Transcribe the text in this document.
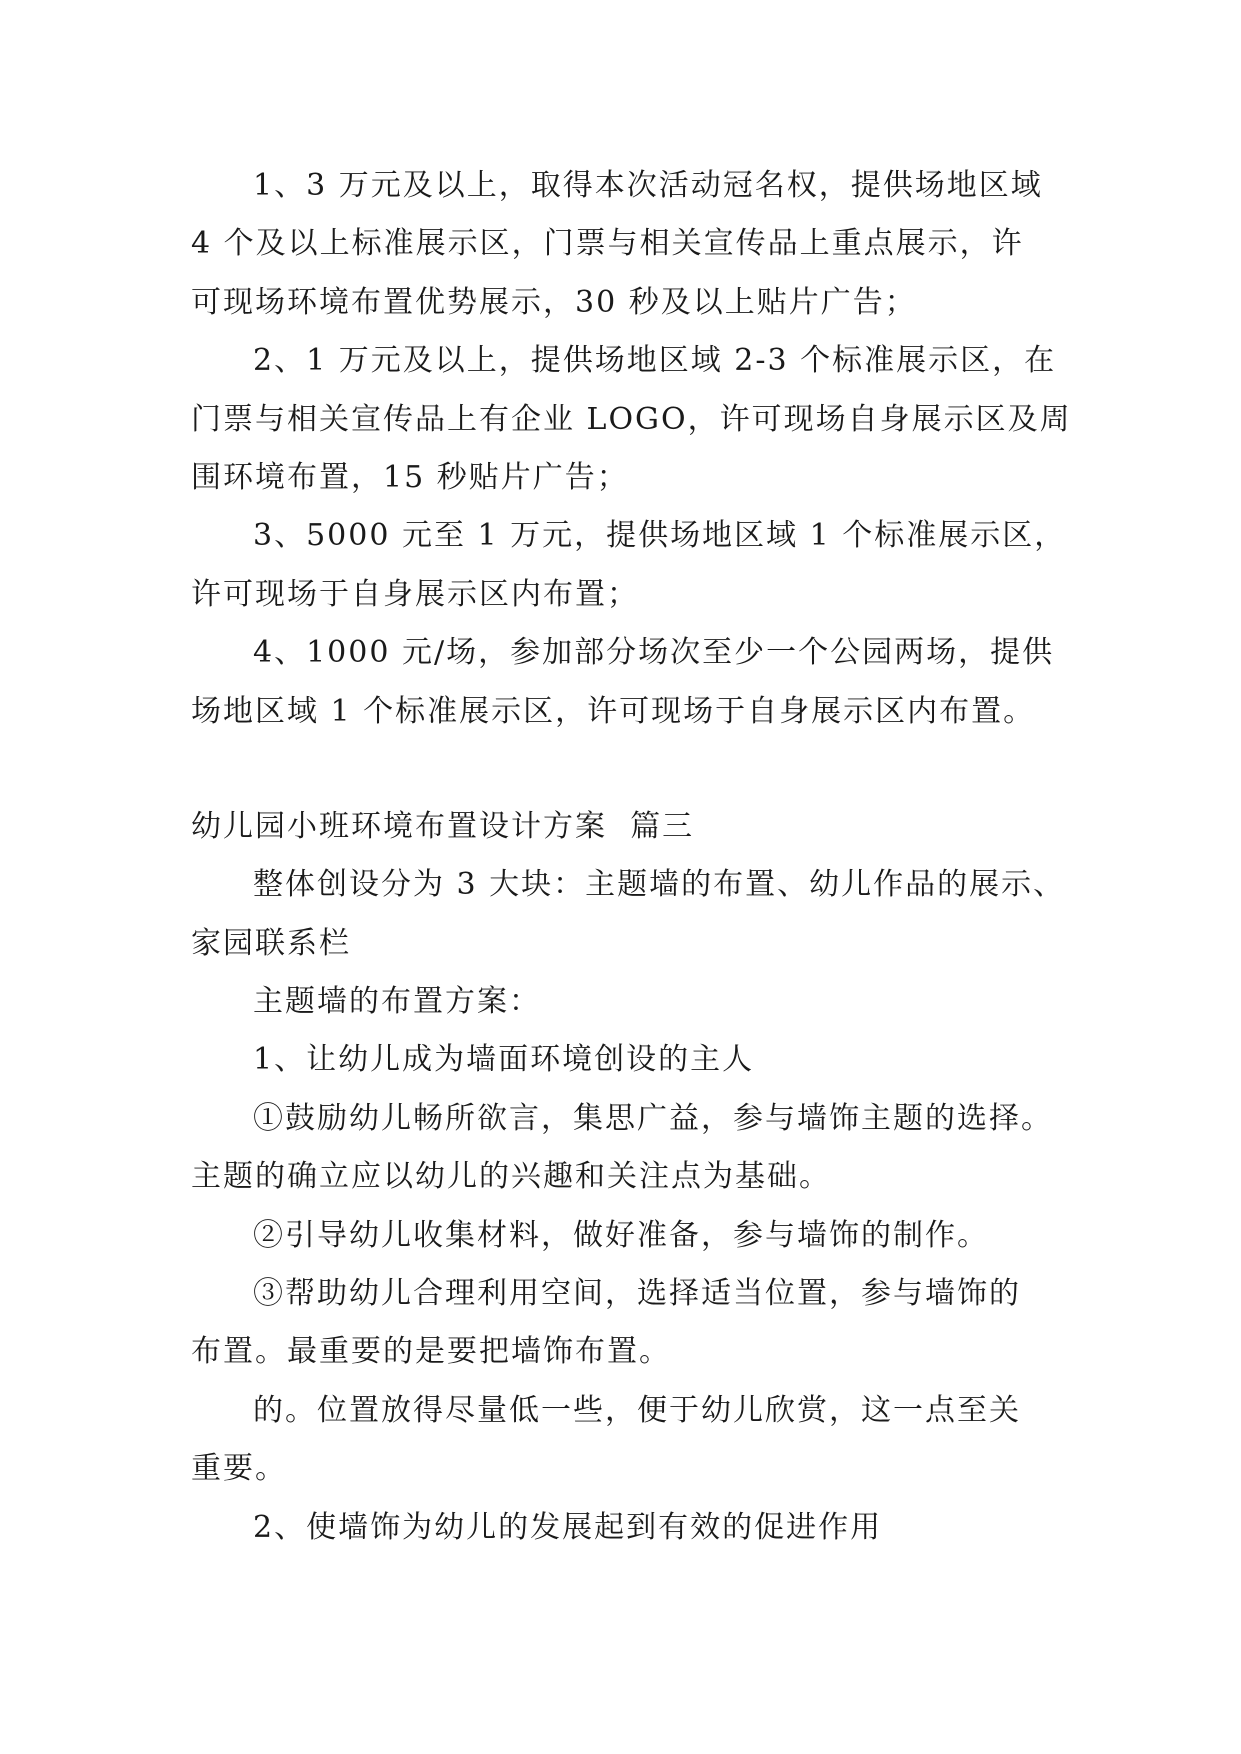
1、3 万元及以上，取得本次活动冠名权，提供场地区域
4 个及以上标准展示区，门票与相关宣传品上重点展示，许
可现场环境布置优势展示，30 秒及以上贴片广告；
2、1 万元及以上，提供场地区域 2-3 个标准展示区，在
门票与相关宣传品上有企业 LOGO，许可现场自身展示区及周
围环境布置，15 秒贴片广告；
3、5000 元至 1 万元，提供场地区域 1 个标准展示区，
许可现场于自身展示区内布置；
4、1000 元/场，参加部分场次至少一个公园两场，提供
场地区域 1 个标准展示区，许可现场于自身展示区内布置。
幼儿园小班环境布置设计方案  篇三
整体创设分为 3 大块：主题墙的布置、幼儿作品的展示、
家园联系栏
主题墙的布置方案：
1、让幼儿成为墙面环境创设的主人
①鼓励幼儿畅所欲言，集思广益，参与墙饰主题的选择。
主题的确立应以幼儿的兴趣和关注点为基础。
②引导幼儿收集材料，做好准备，参与墙饰的制作。
③帮助幼儿合理利用空间，选择适当位置，参与墙饰的
布置。最重要的是要把墙饰布置。
的。位置放得尽量低一些，便于幼儿欣赏，这一点至关
重要。
2、使墙饰为幼儿的发展起到有效的促进作用
